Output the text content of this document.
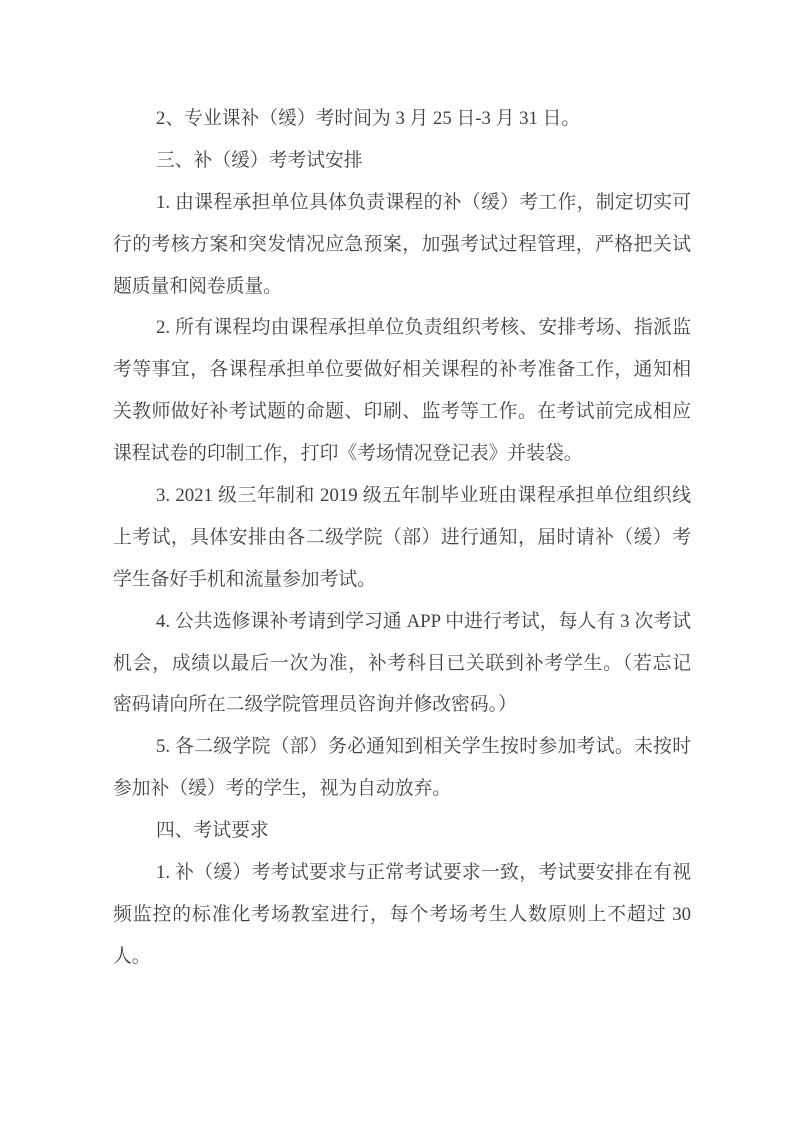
2、专业课补（缓）考时间为 3 月 25 日-3 月 31 日。
三、补（缓）考考试安排
1. 由课程承担单位具体负责课程的补（缓）考工作，制定切实可
行的考核方案和突发情况应急预案，加强考试过程管理，严格把关试
题质量和阅卷质量。
2. 所有课程均由课程承担单位负责组织考核、安排考场、指派监
考等事宜，各课程承担单位要做好相关课程的补考准备工作，通知相
关教师做好补考试题的命题、印刷、监考等工作。在考试前完成相应
课程试卷的印制工作，打印《考场情况登记表》并装袋。
3. 2021 级三年制和 2019 级五年制毕业班由课程承担单位组织线
上考试，具体安排由各二级学院（部）进行通知，届时请补（缓）考
学生备好手机和流量参加考试。
4. 公共选修课补考请到学习通 APP 中进行考试，每人有 3 次考试
机会，成绩以最后一次为准，补考科目已关联到补考学生。（若忘记
密码请向所在二级学院管理员咨询并修改密码。）
5. 各二级学院（部）务必通知到相关学生按时参加考试。未按时
参加补（缓）考的学生，视为自动放弃。
四、考试要求
1. 补（缓）考考试要求与正常考试要求一致，考试要安排在有视
频监控的标准化考场教室进行，每个考场考生人数原则上不超过 30
人。
